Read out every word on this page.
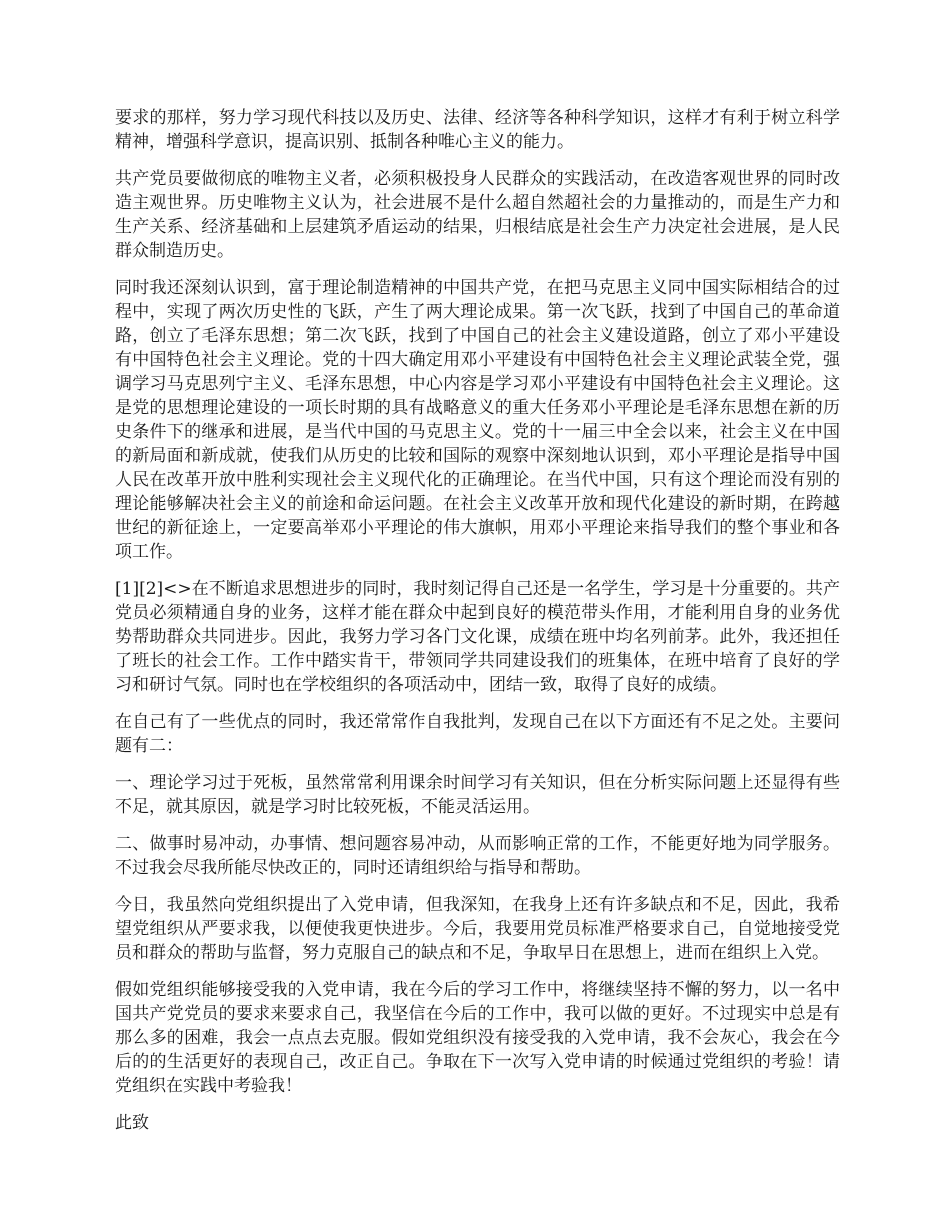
要求的那样，努力学习现代科技以及历史、法律、经济等各种科学知识，这样才有利于树立科学精神，增强科学意识，提高识别、抵制各种唯心主义的能力。

共产党员要做彻底的唯物主义者，必须积极投身人民群众的实践活动，在改造客观世界的同时改造主观世界。历史唯物主义认为，社会进展不是什么超自然超社会的力量推动的，而是生产力和生产关系、经济基础和上层建筑矛盾运动的结果，归根结底是社会生产力决定社会进展，是人民群众制造历史。

同时我还深刻认识到，富于理论制造精神的中国共产党，在把马克思主义同中国实际相结合的过程中，实现了两次历史性的飞跃，产生了两大理论成果。第一次飞跃，找到了中国自己的革命道路，创立了毛泽东思想；第二次飞跃，找到了中国自己的社会主义建设道路，创立了邓小平建设有中国特色社会主义理论。党的十四大确定用邓小平建设有中国特色社会主义理论武装全党，强调学习马克思列宁主义、毛泽东思想，中心内容是学习邓小平建设有中国特色社会主义理论。这是党的思想理论建设的一项长时期的具有战略意义的重大任务邓小平理论是毛泽东思想在新的历史条件下的继承和进展，是当代中国的马克思主义。党的十一届三中全会以来，社会主义在中国的新局面和新成就，使我们从历史的比较和国际的观察中深刻地认识到，邓小平理论是指导中国人民在改革开放中胜利实现社会主义现代化的正确理论。在当代中国，只有这个理论而没有别的理论能够解决社会主义的前途和命运问题。在社会主义改革开放和现代化建设的新时期，在跨越世纪的新征途上，一定要高举邓小平理论的伟大旗帜，用邓小平理论来指导我们的整个事业和各项工作。

[1][2]<>在不断追求思想进步的同时，我时刻记得自己还是一名学生，学习是十分重要的。共产党员必须精通自身的业务，这样才能在群众中起到良好的模范带头作用，才能利用自身的业务优势帮助群众共同进步。因此，我努力学习各门文化课，成绩在班中均名列前茅。此外，我还担任了班长的社会工作。工作中踏实肯干，带领同学共同建设我们的班集体，在班中培育了良好的学习和研讨气氛。同时也在学校组织的各项活动中，团结一致，取得了良好的成绩。

在自己有了一些优点的同时，我还常常作自我批判，发现自己在以下方面还有不足之处。主要问题有二：

一、理论学习过于死板，虽然常常利用课余时间学习有关知识，但在分析实际问题上还显得有些不足，就其原因，就是学习时比较死板，不能灵活运用。

二、做事时易冲动，办事情、想问题容易冲动，从而影响正常的工作，不能更好地为同学服务。不过我会尽我所能尽快改正的，同时还请组织给与指导和帮助。

今日，我虽然向党组织提出了入党申请，但我深知，在我身上还有许多缺点和不足，因此，我希望党组织从严要求我，以便使我更快进步。今后，我要用党员标准严格要求自己，自觉地接受党员和群众的帮助与监督，努力克服自己的缺点和不足，争取早日在思想上，进而在组织上入党。

假如党组织能够接受我的入党申请，我在今后的学习工作中，将继续坚持不懈的努力，以一名中国共产党党员的要求来要求自己，我坚信在今后的工作中，我可以做的更好。不过现实中总是有那么多的困难，我会一点点去克服。假如党组织没有接受我的入党申请，我不会灰心，我会在今后的的生活更好的表现自己，改正自己。争取在下一次写入党申请的时候通过党组织的考验！请党组织在实践中考验我！

此致
